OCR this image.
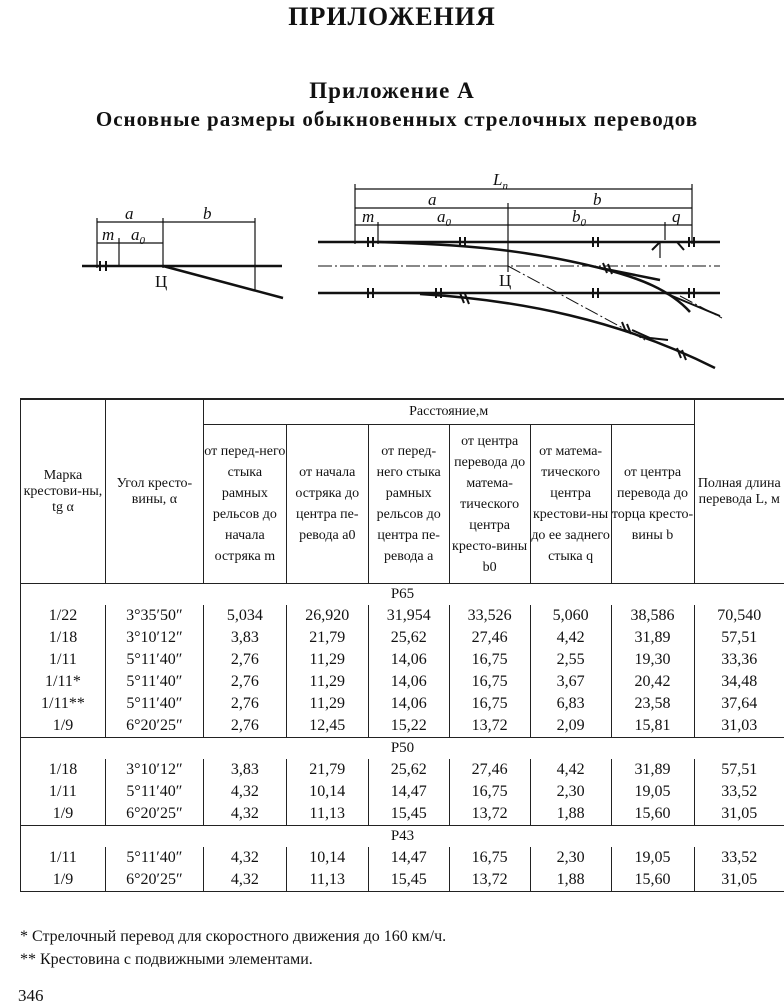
ПРИЛОЖЕНИЯ
Приложение А
Основные размеры обыкновенных стрелочных переводов
a	b
m $a_0$
Ц
$L_п$
a	b
m	$a_0$	$b_0$	q
Ц
Марка крестови-ны, tg α	Угол кресто-вины, α	Расстояние,м						Полная длина перевода L, м
		от перед-него стыка рамных рельсов до начала остряка m	от начала остряка до центра пе-ревода a0	от перед-него стыка рамных рельсов до центра пе-ревода a	от центра перевода до матема-тического центра кресто-вины b0	от матема-тического центра крестови-ны до ее заднего стыка q	от центра перевода до торца кресто-вины b	
Р65								
1/22	3°35′50″	5,034	26,920	31,954	33,526	5,060	38,586	70,540
1/18	3°10′12″	3,83	21,79	25,62	27,46	4,42	31,89	57,51
1/11	5°11′40″	2,76	11,29	14,06	16,75	2,55	19,30	33,36
1/11*	5°11′40″	2,76	11,29	14,06	16,75	3,67	20,42	34,48
1/11**	5°11′40″	2,76	11,29	14,06	16,75	6,83	23,58	37,64
1/9	6°20′25″	2,76	12,45	15,22	13,72	2,09	15,81	31,03
Р50								
1/18	3°10′12″	3,83	21,79	25,62	27,46	4,42	31,89	57,51
1/11	5°11′40″	4,32	10,14	14,47	16,75	2,30	19,05	33,52
1/9	6°20′25″	4,32	11,13	15,45	13,72	1,88	15,60	31,05
Р43								
1/11	5°11′40″	4,32	10,14	14,47	16,75	2,30	19,05	33,52
1/9	6°20′25″	4,32	11,13	15,45	13,72	1,88	15,60	31,05
* Стрелочный перевод для скоростного движения до 160 км/ч.
** Крестовина с подвижными элементами.
346
